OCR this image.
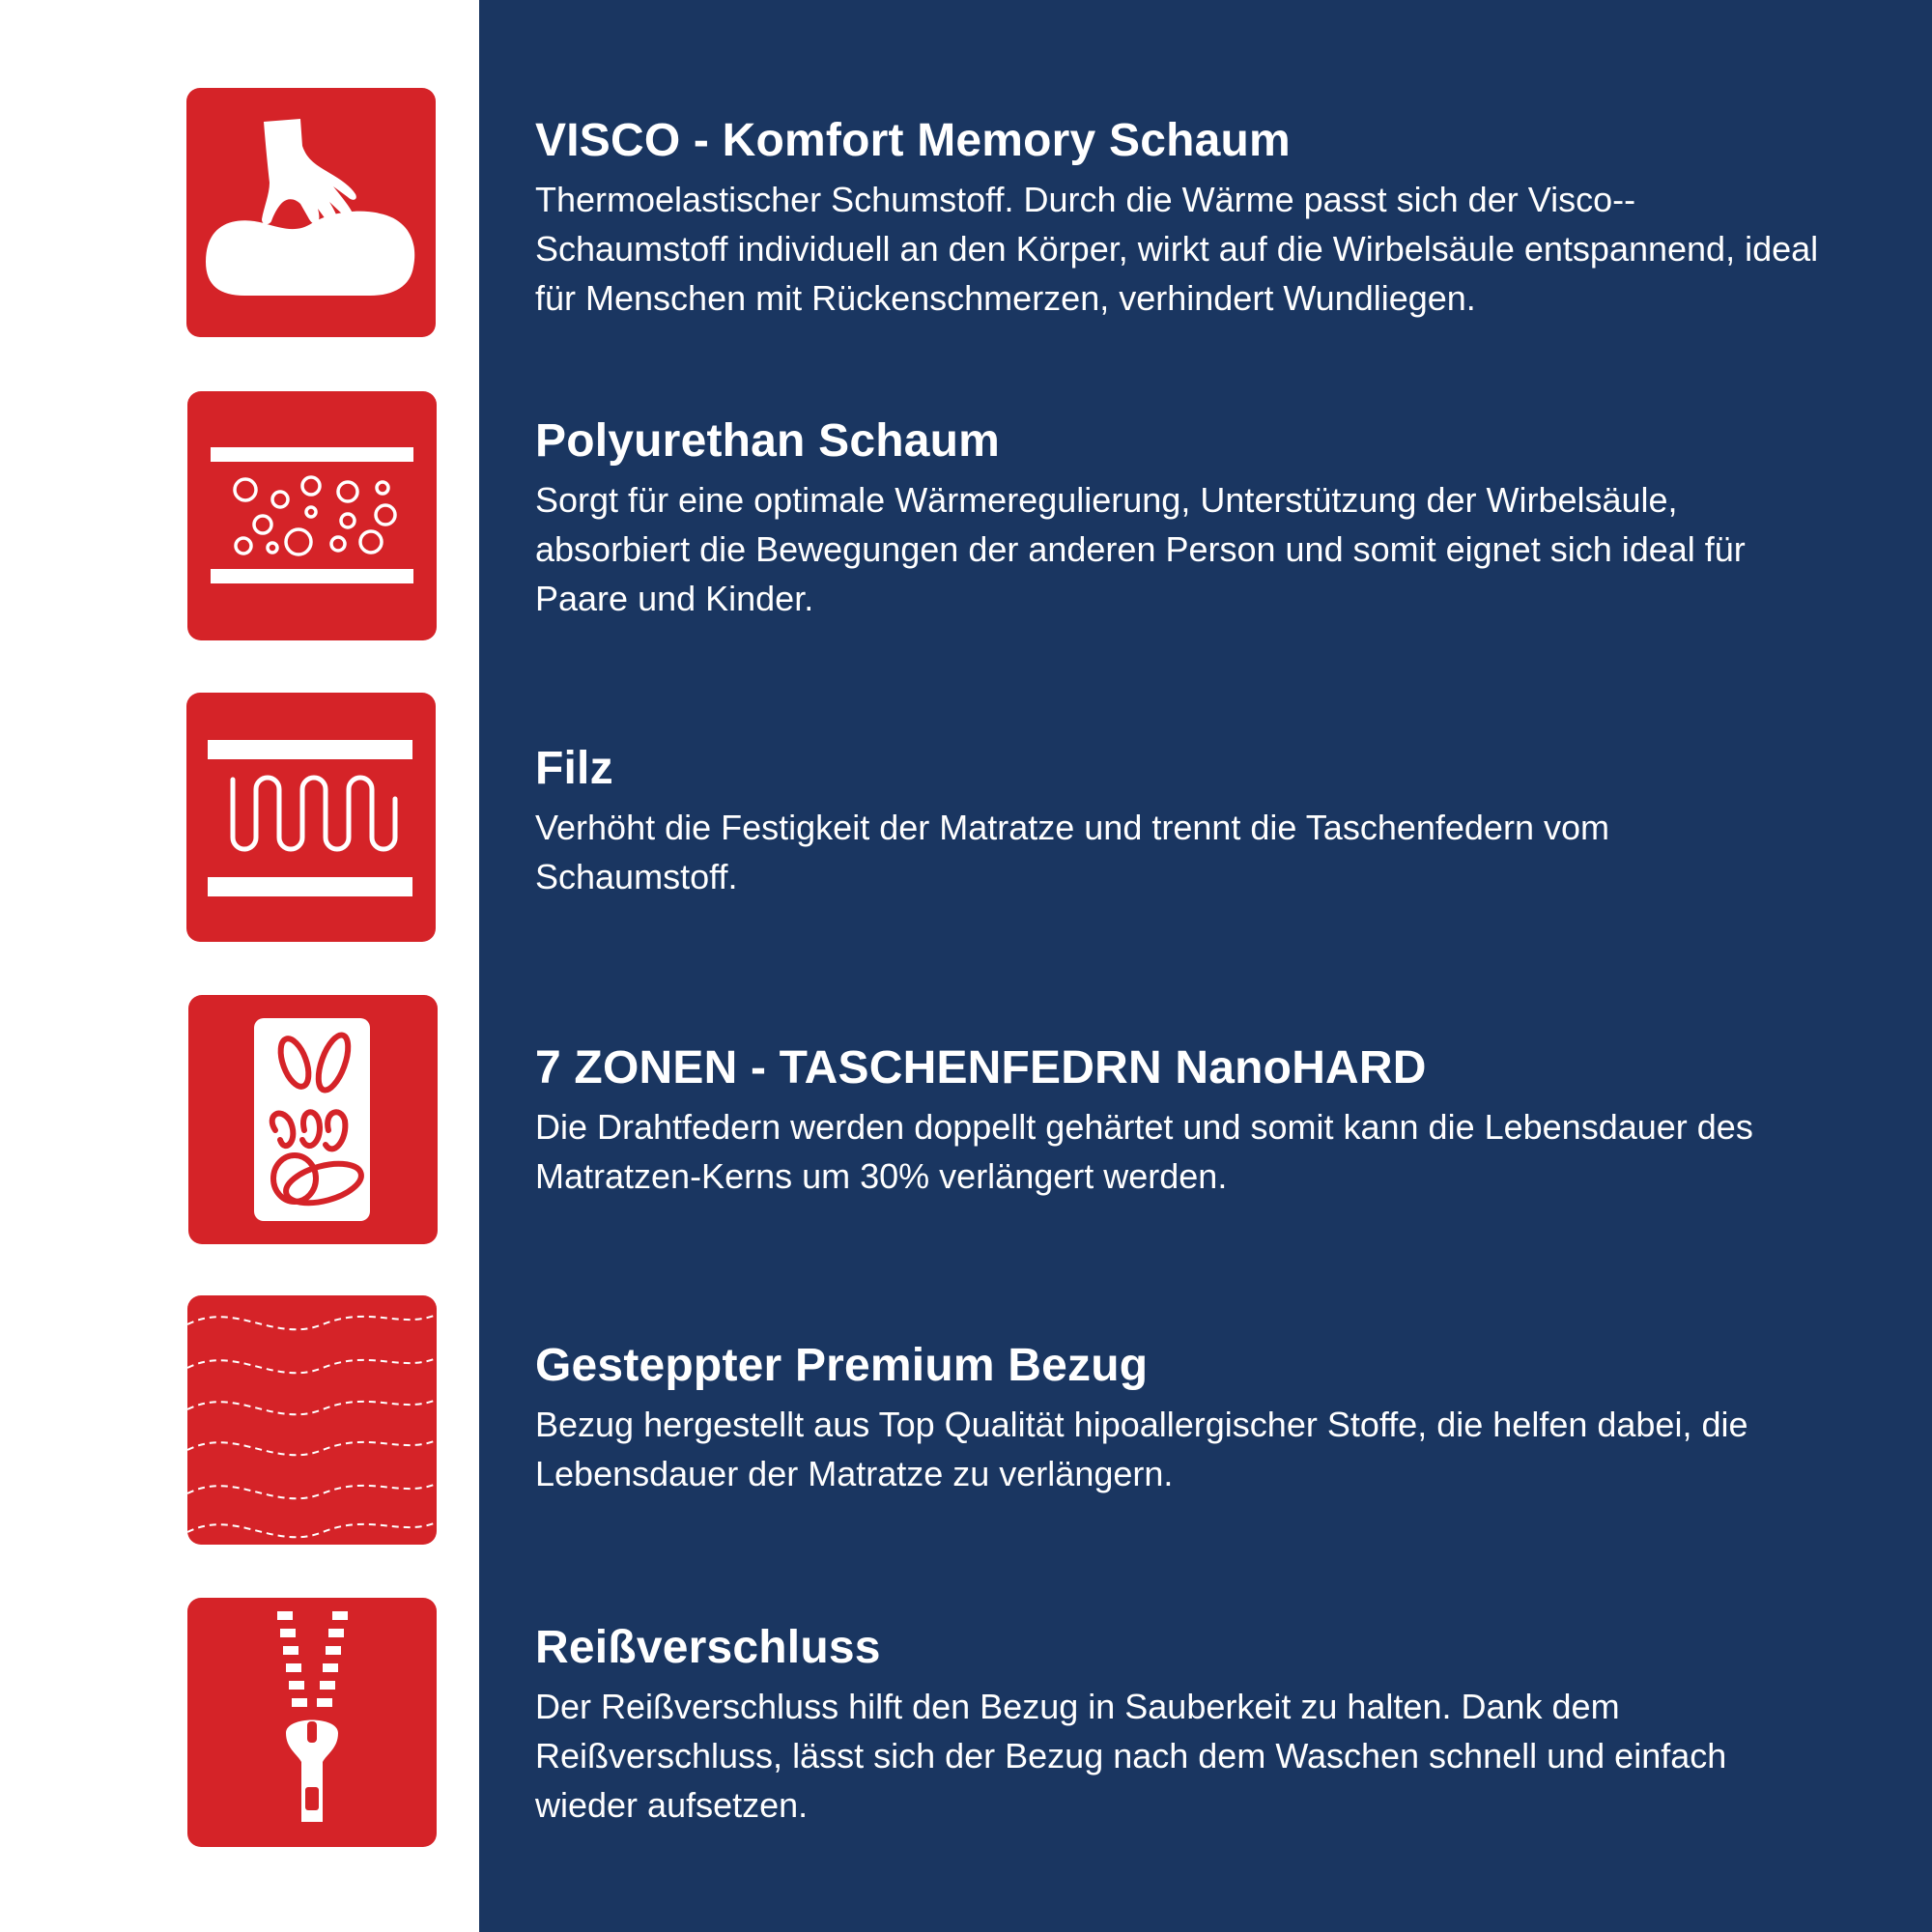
VISCO - Komfort Memory Schaum

Thermoelastischer Schumstoff. Durch die Wärme passt sich der Visco--Schaumstoff individuell an den Körper, wirkt auf die Wirbelsäule entspannend, ideal für Menschen mit Rückenschmerzen, verhindert Wundliegen.

Polyurethan Schaum

Sorgt für eine optimale Wärmeregulierung, Unterstützung der Wirbelsäule, absorbiert die Bewegungen der anderen Person und somit eignet sich ideal für Paare und Kinder.

Filz

Verhöht die Festigkeit der Matratze und trennt die Taschenfedern vom Schaumstoff.

7 ZONEN - TASCHENFEDRN NanoHARD

Die Drahtfedern werden doppellt gehärtet und somit kann die Lebensdauer des Matratzen-Kerns um 30% verlängert werden.

Gesteppter Premium Bezug

Bezug hergestellt aus Top Qualität hipoallergischer Stoffe, die helfen dabei, die Lebensdauer der Matratze zu verlängern.

Reißverschluss

Der Reißverschluss hilft den Bezug in Sauberkeit zu halten. Dank dem Reißverschluss, lässt sich der Bezug nach dem Waschen schnell und einfach wieder aufsetzen.
